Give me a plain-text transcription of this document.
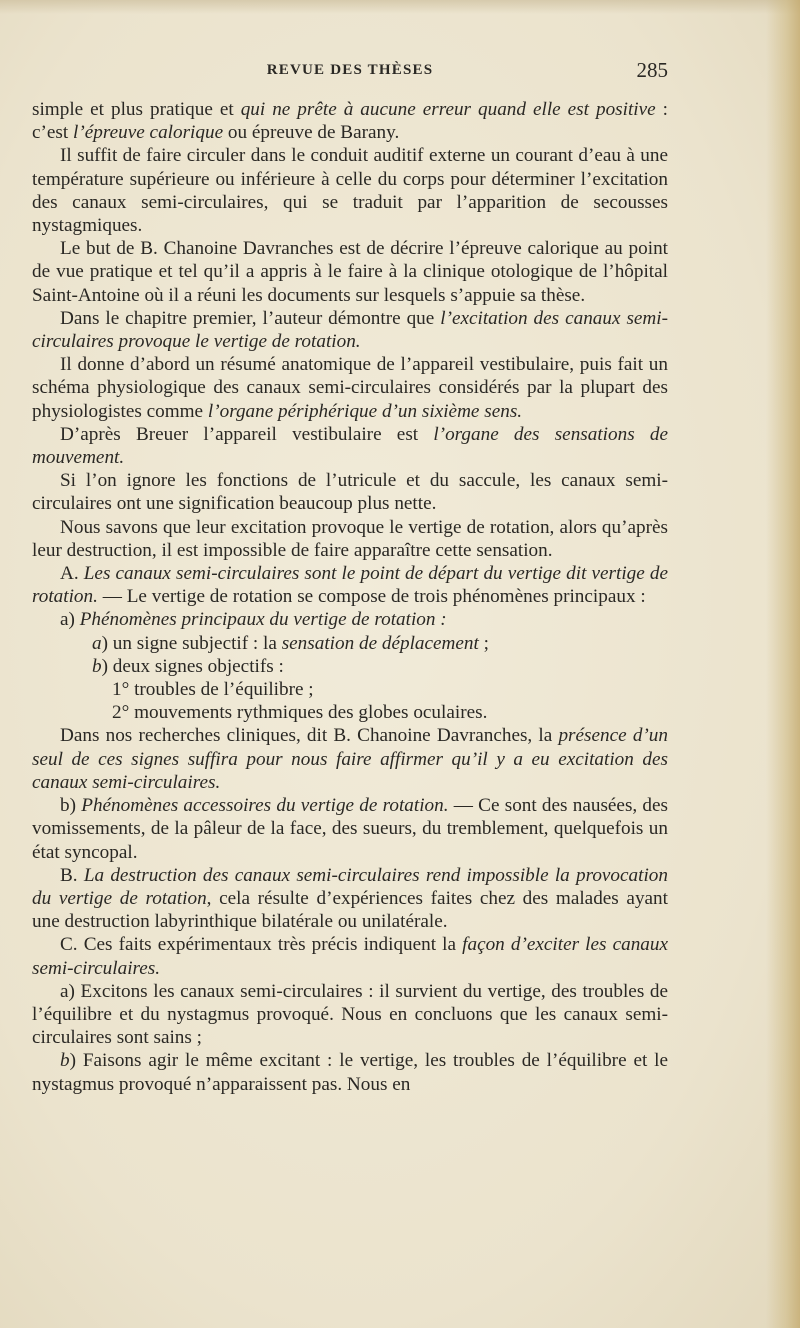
REVUE DES THÈSES	285

simple et plus pratique et qui ne prête à aucune erreur quand elle est positive : c’est l’épreuve calorique ou épreuve de Barany.

Il suffit de faire circuler dans le conduit auditif externe un courant d’eau à une température supérieure ou inférieure à celle du corps pour déterminer l’excitation des canaux semi-circulaires, qui se traduit par l’apparition de secousses nystagmiques.

Le but de B. Chanoine Davranches est de décrire l’épreuve calorique au point de vue pratique et tel qu’il a appris à le faire à la clinique otologique de l’hôpital Saint-Antoine où il a réuni les documents sur lesquels s’appuie sa thèse.

Dans le chapitre premier, l’auteur démontre que l’excitation des canaux semi-circulaires provoque le vertige de rotation.

Il donne d’abord un résumé anatomique de l’appareil vestibulaire, puis fait un schéma physiologique des canaux semi-circulaires considérés par la plupart des physiologistes comme l’organe périphérique d’un sixième sens.

D’après Breuer l’appareil vestibulaire est l’organe des sensations de mouvement.

Si l’on ignore les fonctions de l’utricule et du saccule, les canaux semi-circulaires ont une signification beaucoup plus nette.

Nous savons que leur excitation provoque le vertige de rotation, alors qu’après leur destruction, il est impossible de faire apparaître cette sensation.

A. Les canaux semi-circulaires sont le point de départ du vertige dit vertige de rotation. — Le vertige de rotation se compose de trois phénomènes principaux :

a) Phénomènes principaux du vertige de rotation :

a) un signe subjectif : la sensation de déplacement ;

b) deux signes objectifs :

1° troubles de l’équilibre ;

2° mouvements rythmiques des globes oculaires.

Dans nos recherches cliniques, dit B. Chanoine Davranches, la présence d’un seul de ces signes suffira pour nous faire affirmer qu’il y a eu excitation des canaux semi-circulaires.

b) Phénomènes accessoires du vertige de rotation. — Ce sont des nausées, des vomissements, de la pâleur de la face, des sueurs, du tremblement, quelquefois un état syncopal.

B. La destruction des canaux semi-circulaires rend impossible la provocation du vertige de rotation, cela résulte d’expériences faites chez des malades ayant une destruction labyrinthique bilatérale ou unilatérale.

C. Ces faits expérimentaux très précis indiquent la façon d’exciter les canaux semi-circulaires.

a) Excitons les canaux semi-circulaires : il survient du vertige, des troubles de l’équilibre et du nystagmus provoqué. Nous en concluons que les canaux semi-circulaires sont sains ;

b) Faisons agir le même excitant : le vertige, les troubles de l’équilibre et le nystagmus provoqué n’apparaissent pas. Nous en
